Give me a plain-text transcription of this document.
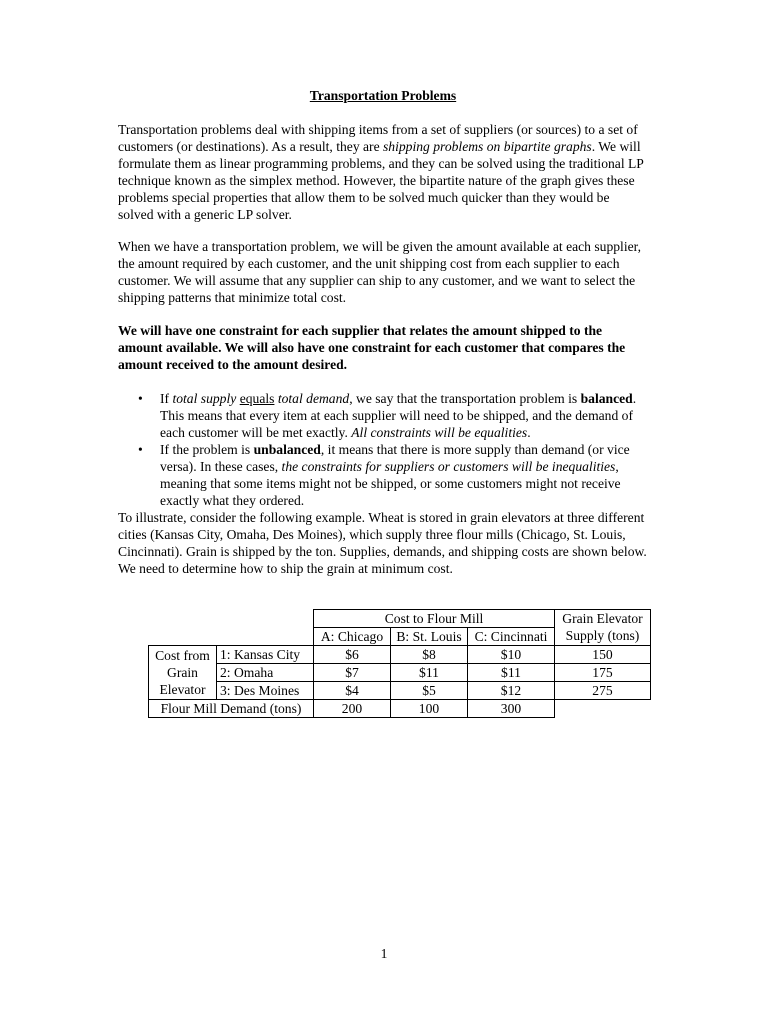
Transportation Problems

Transportation problems deal with shipping items from a set of suppliers (or sources) to a set of customers (or destinations). As a result, they are shipping problems on bipartite graphs. We will formulate them as linear programming problems, and they can be solved using the traditional LP technique known as the simplex method. However, the bipartite nature of the graph gives these problems special properties that allow them to be solved much quicker than they would be solved with a generic LP solver.

When we have a transportation problem, we will be given the amount available at each supplier, the amount required by each customer, and the unit shipping cost from each supplier to each customer. We will assume that any supplier can ship to any customer, and we want to select the shipping patterns that minimize total cost.

We will have one constraint for each supplier that relates the amount shipped to the amount available. We will also have one constraint for each customer that compares the amount received to the amount desired.

• If total supply equals total demand, we say that the transportation problem is balanced. This means that every item at each supplier will need to be shipped, and the demand of each customer will be met exactly. All constraints will be equalities.
• If the problem is unbalanced, it means that there is more supply than demand (or vice versa). In these cases, the constraints for suppliers or customers will be inequalities, meaning that some items might not be shipped, or some customers might not receive exactly what they ordered.

To illustrate, consider the following example. Wheat is stored in grain elevators at three different cities (Kansas City, Omaha, Des Moines), which supply three flour mills (Chicago, St. Louis, Cincinnati). Grain is shipped by the ton. Supplies, demands, and shipping costs are shown below. We need to determine how to ship the grain at minimum cost.

		Cost to Flour Mill			Grain Elevator Supply (tons)
		A: Chicago	B: St. Louis	C: Cincinnati	
Cost from Grain Elevator	1: Kansas City	$6	$8	$10	150
	2: Omaha	$7	$11	$11	175
	3: Des Moines	$4	$5	$12	275
Flour Mill Demand (tons)		200	100	300	
1
